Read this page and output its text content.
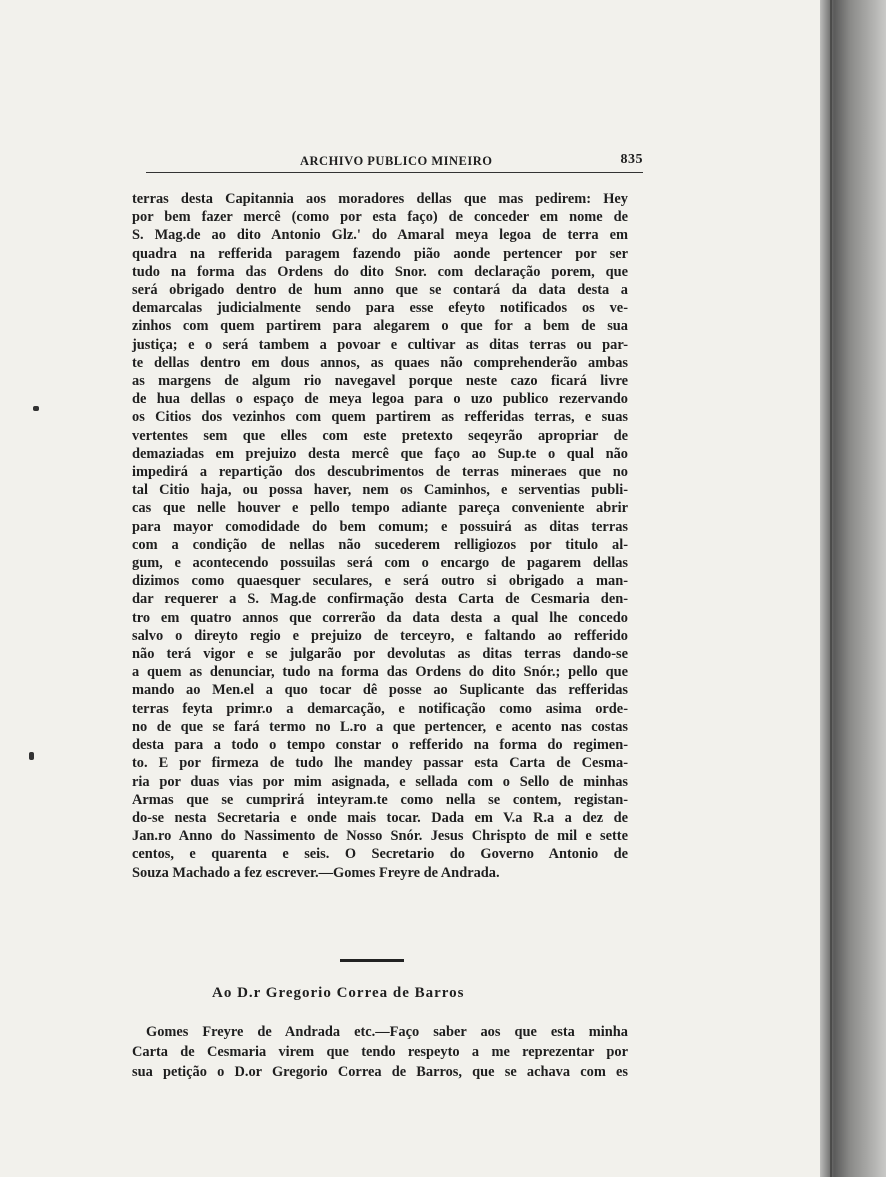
ARCHIVO PUBLICO MINEIRO	835
terras desta Capitannia aos moradores dellas que mas pedirem: Hey
por bem fazer mercê (como por esta faço) de conceder em nome de
S. Mag.de ao dito Antonio Glz.' do Amaral meya legoa de terra em
quadra na refferida paragem fazendo pião aonde pertencer por ser
tudo na forma das Ordens do dito Snor. com declaração porem, que
será obrigado dentro de hum anno que se contará da data desta a
demarcalas judicialmente sendo para esse efeyto notificados os ve-
zinhos com quem partirem para alegarem o que for a bem de sua
justiça; e o será tambem a povoar e cultivar as ditas terras ou par-
te dellas dentro em dous annos, as quaes não comprehenderão ambas
as margens de algum rio navegavel porque neste cazo ficará livre
de hua dellas o espaço de meya legoa para o uzo publico rezervando
os Citios dos vezinhos com quem partirem as refferidas terras, e suas
vertentes sem que elles com este pretexto seqeyrão apropriar de
demaziadas em prejuizo desta mercê que faço ao Sup.te o qual não
impedirá a repartição dos descubrimentos de terras mineraes que no
tal Citio haja, ou possa haver, nem os Caminhos, e serventias publi-
cas que nelle houver e pello tempo adiante pareça conveniente abrir
para mayor comodidade do bem comum; e possuirá as ditas terras
com a condição de nellas não sucederem relligiozos por titulo al-
gum, e acontecendo possuilas será com o encargo de pagarem dellas
dizimos como quaesquer seculares, e será outro si obrigado a man-
dar requerer a S. Mag.de confirmação desta Carta de Cesmaria den-
tro em quatro annos que correrão da data desta a qual lhe concedo
salvo o direyto regio e prejuizo de terceyro, e faltando ao refferido
não terá vigor e se julgarão por devolutas as ditas terras dando-se
a quem as denunciar, tudo na forma das Ordens do dito Snór.; pello que
mando ao Men.el a quo tocar dê posse ao Suplicante das refferidas
terras feyta primr.o a demarcação, e notificação como asima orde-
no de que se fará termo no L.ro a que pertencer, e acento nas costas
desta para a todo o tempo constar o refferido na forma do regimen-
to. E por firmeza de tudo lhe mandey passar esta Carta de Cesma-
ria por duas vias por mim asignada, e sellada com o Sello de minhas
Armas que se cumprirá inteyram.te como nella se contem, registan-
do-se nesta Secretaria e onde mais tocar. Dada em V.a R.a a dez de
Jan.ro Anno do Nassimento de Nosso Snór. Jesus Chrispto de mil e sette
centos, e quarenta e seis. O Secretario do Governo Antonio de
Souza Machado a fez escrever.—Gomes Freyre de Andrada.
Ao D.r Gregorio Correa de Barros
Gomes Freyre de Andrada etc.—Faço saber aos que esta minha
Carta de Cesmaria virem que tendo respeyto a me reprezentar por
sua petição o D.or Gregorio Correa de Barros, que se achava com es
